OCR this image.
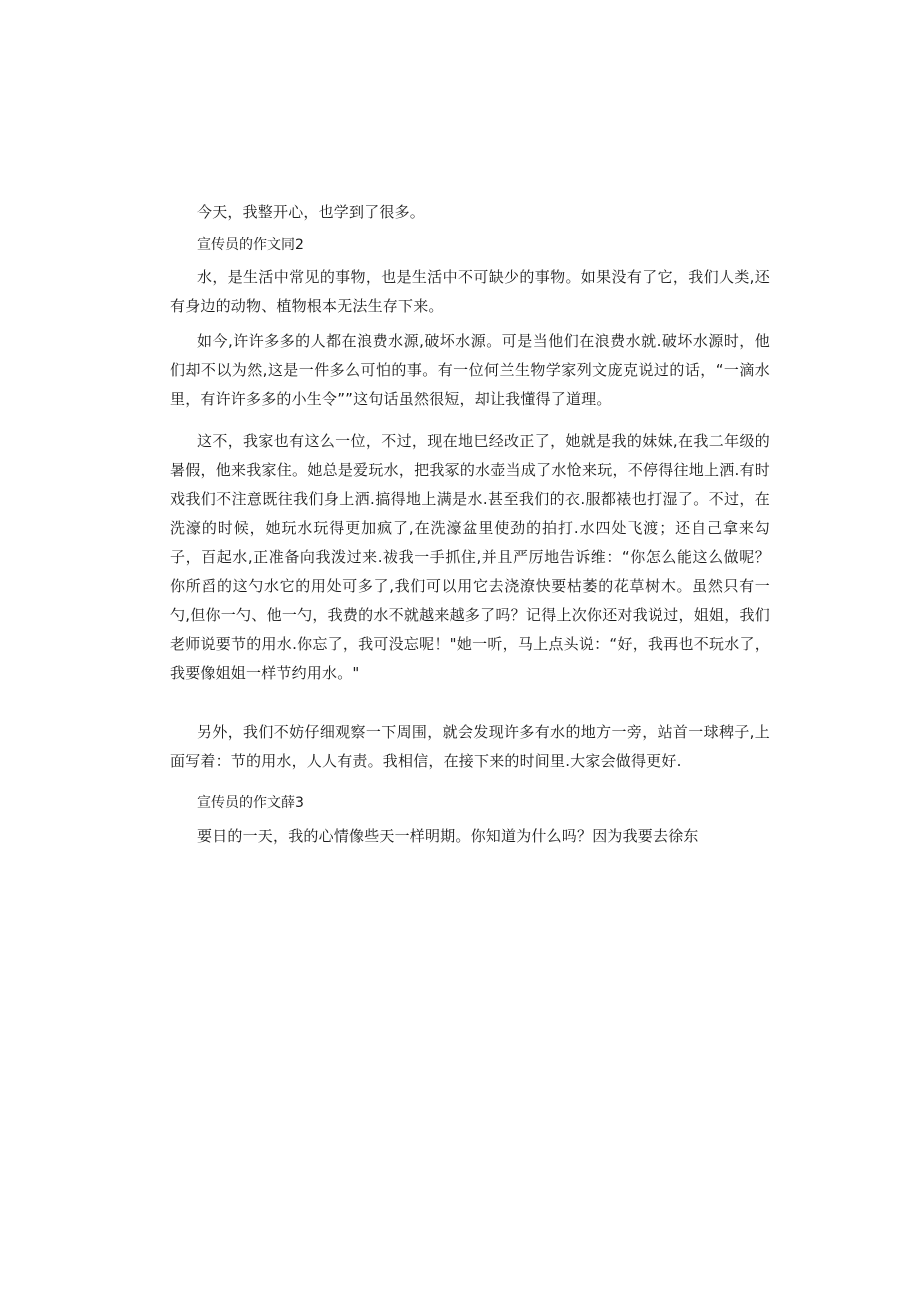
今天，我整开心，也学到了很多。
宣传员的作文同2
水，是生活中常见的事物，也是生活中不可缺少的事物。如果没有了它，我们人类,还有身边的动物、植物根本无法生存下来。
如今,许许多多的人都在浪费水源,破坏水源。可是当他们在浪费水就.破坏水源时，他们却不以为然,这是一件多么可怕的事。有一位何兰生物学家列文庞克说过的话，“一滴水里，有许许多多的小生令””这句话虽然很短，却让我懂得了道理。
这不，我家也有这么一位，不过，现在地巳经改正了，她就是我的妹妹,在我二年级的暑假，他来我家住。她总是爱玩水，把我冢的水壶当成了水怆来玩，不停得往地上洒.有时戏我们不注意既往我们身上洒.搞得地上满是水.甚至我们的衣.服都裱也打湿了。不过，在洗濠的时候，她玩水玩得更加疯了,在洗濠盆里使劲的拍打.水四处飞渡；还自己拿来勾子，百起水,正准备向我泼过来.祓我一手抓住,并且严厉地告诉维：“你怎么能这么做呢？你所舀的这勺水它的用处可多了,我们可以用它去浇潦快要枯萎的花草树木。虽然只有一勺,但你一勺、他一勺，我费的水不就越来越多了吗？记得上次你还对我说过，姐姐，我们老师说要节的用水.你忘了，我可没忘呢！"她一听，马上点头说：“好，我再也不玩水了，我要像姐姐一样节约用水。"
另外，我们不妨仔细观察一下周围，就会发现许多有水的地方一旁，站首一球稗子,上面写着：节的用水，人人有责。我相信，在接下来的时间里.大家会做得更好.
宣传员的作文薛3
要日的一天，我的心情像些天一样明期。你知道为什么吗？因为我要去徐东
